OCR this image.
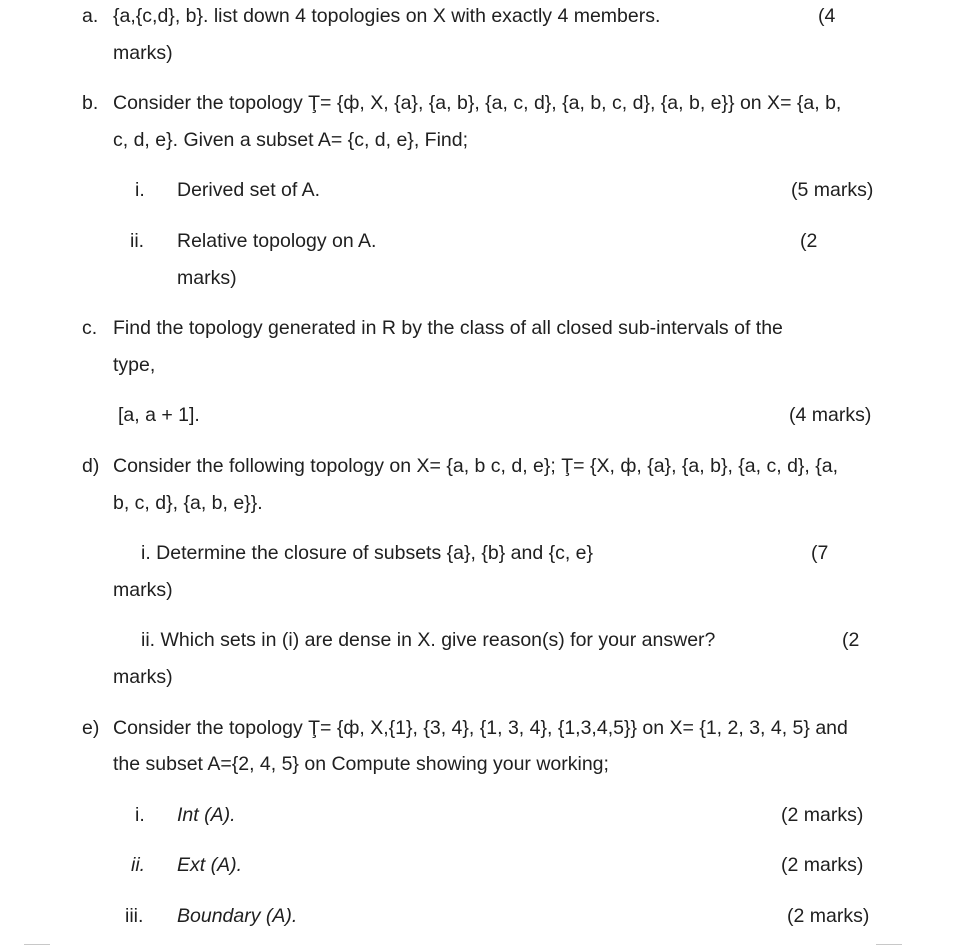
a. {a,{c,d}, b}. list down 4 topologies on X with exactly 4 members.	(4
marks)
b. Consider the topology Ţ= {ф, X, {a}, {a, b}, {a, c, d}, {a, b, c, d}, {a, b, e}} on X= {a, b,
c, d, e}. Given a subset A= {c, d, e}, Find;
i. Derived set of A.	(5 marks)
ii. Relative topology on A.	(2
marks)
c. Find the topology generated in R by the class of all closed sub-intervals of the
type,
[a, a + 1].	(4 marks)
d) Consider the following topology on X= {a, b c, d, e}; Ţ= {X, ф, {a}, {a, b}, {a, c, d}, {a,
b, c, d}, {a, b, e}}.
i. Determine the closure of subsets {a}, {b} and {c, e}	(7
marks)
ii. Which sets in (i) are dense in X. give reason(s) for your answer?	(2
marks)
e) Consider the topology Ţ= {ф, X,{1}, {3, 4}, {1, 3, 4}, {1,3,4,5}} on X= {1, 2, 3, 4, 5} and
the subset A={2, 4, 5} on Compute showing your working;
i. Int (A).	(2 marks)
ii. Ext (A).	(2 marks)
iii. Boundary (A).	(2 marks)
